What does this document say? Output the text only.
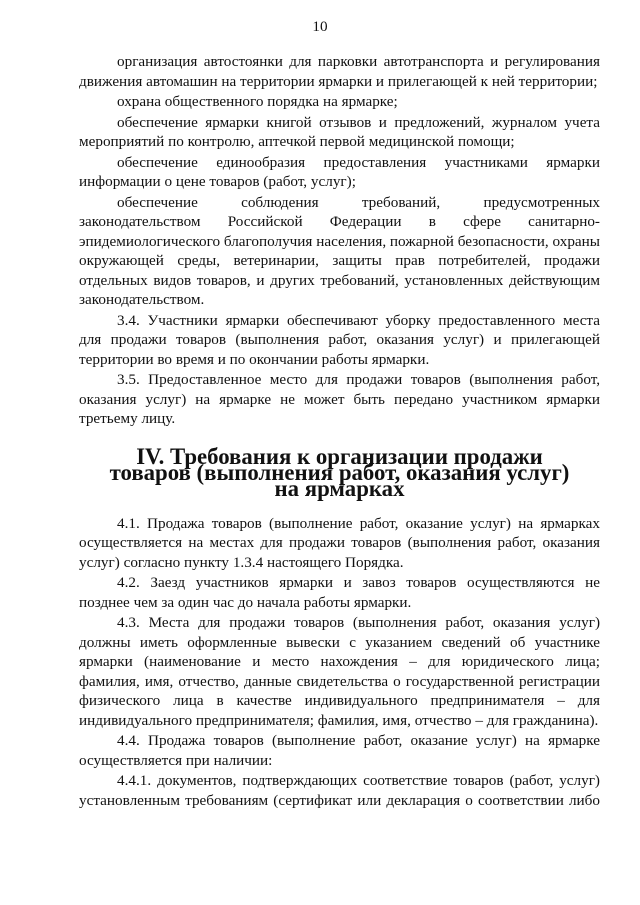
10

организация автостоянки для парковки автотранспорта и регулирования движения автомашин на территории ярмарки и прилегающей к ней территории;

охрана общественного порядка на ярмарке;

обеспечение ярмарки книгой отзывов и предложений, журналом учета мероприятий по контролю, аптечкой первой медицинской помощи;

обеспечение единообразия предоставления участниками ярмарки информации о цене товаров (работ, услуг);

обеспечение соблюдения требований, предусмотренных законодательством Российской Федерации в сфере санитарно-эпидемиологического благополучия населения, пожарной безопасности, охраны окружающей среды, ветеринарии, защиты прав потребителей, продажи отдельных видов товаров, и других требований, установленных действующим законодательством.

3.4. Участники ярмарки обеспечивают уборку предоставленного места для продажи товаров (выполнения работ, оказания услуг) и прилегающей территории во время и по окончании работы ярмарки.

3.5. Предоставленное место для продажи товаров (выполнения работ, оказания услуг) на ярмарке не может быть передано участником ярмарки третьему лицу.

IV. Требования к организации продажи товаров (выполнения работ, оказания услуг) на ярмарках

4.1. Продажа товаров (выполнение работ, оказание услуг) на ярмарках осуществляется на местах для продажи товаров (выполнения работ, оказания услуг) согласно пункту 1.3.4 настоящего Порядка.

4.2. Заезд участников ярмарки и завоз товаров осуществляются не позднее чем за один час до начала работы ярмарки.

4.3. Места для продажи товаров (выполнения работ, оказания услуг) должны иметь оформленные вывески с указанием сведений об участнике ярмарки (наименование и место нахождения – для юридического лица; фамилия, имя, отчество, данные свидетельства о государственной регистрации физического лица в качестве индивидуального предпринимателя – для индивидуального предпринимателя; фамилия, имя, отчество – для гражданина).

4.4. Продажа товаров (выполнение работ, оказание услуг) на ярмарке осуществляется при наличии:

4.4.1. документов, подтверждающих соответствие товаров (работ, услуг) установленным требованиям (сертификат или декларация о соответствии либо
